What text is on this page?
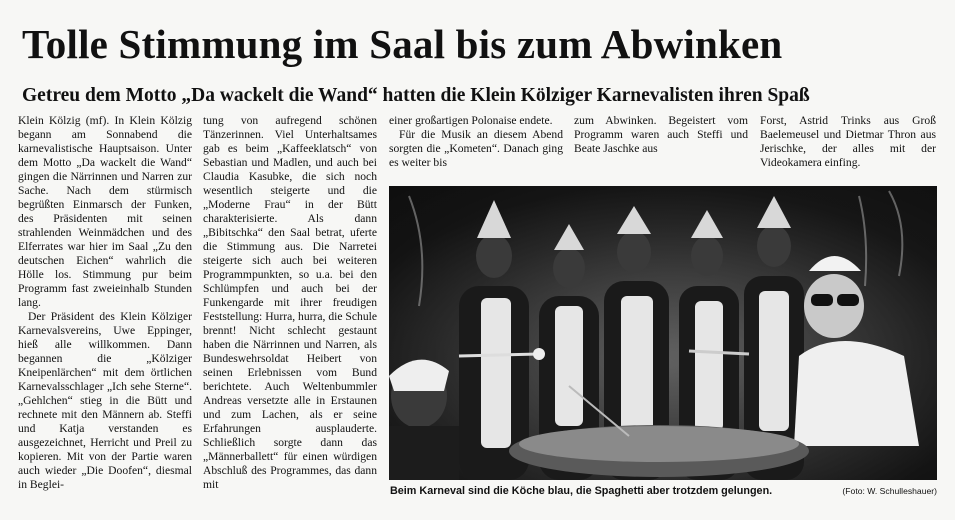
Tolle Stimmung im Saal bis zum Abwinken
Getreu dem Motto „Da wackelt die Wand“ hatten die Klein Kölziger Karnevalisten ihren Spaß

Klein Kölzig (mf). In Klein Kölzig begann am Sonnabend die karnevalistische Hauptsaison. Unter dem Motto „Da wackelt die Wand“ gingen die Närrinnen und Narren zur Sache. Nach dem stürmisch begrüßten Einmarsch der Funken, des Präsidenten mit seinen strahlenden Weinmädchen und des Elferrates war hier im Saal „Zu den deutschen Eichen“ wahrlich die Hölle los. Stimmung pur beim Programm fast zweieinhalb Stunden lang.

Der Präsident des Klein Kölziger Karnevalsvereins, Uwe Eppinger, hieß alle willkommen. Dann begannen die „Kölziger Kneipenlärchen“ mit dem örtlichen Karnevalsschlager „Ich sehe Sterne“. „Gehlchen“ stieg in die Bütt und rechnete mit den Männern ab. Steffi und Katja verstanden es ausgezeichnet, Herricht und Preil zu kopieren. Mit von der Partie waren auch wieder „Die Doofen“, diesmal in Beglei-

tung von aufregend schönen Tänzerinnen. Viel Unterhaltsames gab es beim „Kaffeeklatsch“ von Sebastian und Madlen, und auch bei Claudia Kasubke, die sich noch wesentlich steigerte und die „Moderne Frau“ in der Bütt charakterisierte. Als dann „Bibitschka“ den Saal betrat, uferte die Stimmung aus. Die Narretei steigerte sich auch bei weiteren Programmpunkten, so u.a. bei den Schlümpfen und auch bei der Funkengarde mit ihrer freudigen Feststellung: Hurra, hurra, die Schule brennt! Nicht schlecht gestaunt haben die Närrinnen und Narren, als Bundeswehrsoldat Heibert von seinen Erlebnissen vom Bund berichtete. Auch Weltenbummler Andreas versetzte alle in Erstaunen und zum Lachen, als er seine Erfahrungen ausplauderte. Schließlich sorgte dann das „Männerballett“ für einen würdigen Abschluß des Programmes, das dann mit

einer großartigen Polonaise endete.

Für die Musik an diesem Abend sorgten die „Kometen“. Danach ging es weiter bis

zum Abwinken. Begeistert vom Programm waren auch Steffi und Beate Jaschke aus

Forst, Astrid Trinks aus Groß Baelemeusel und Dietmar Thron aus Jerischke, der alles mit der Videokamera einfing.

Beim Karneval sind die Köche blau, die Spaghetti aber trotzdem gelungen.	(Foto: W. Schulleshauer)
